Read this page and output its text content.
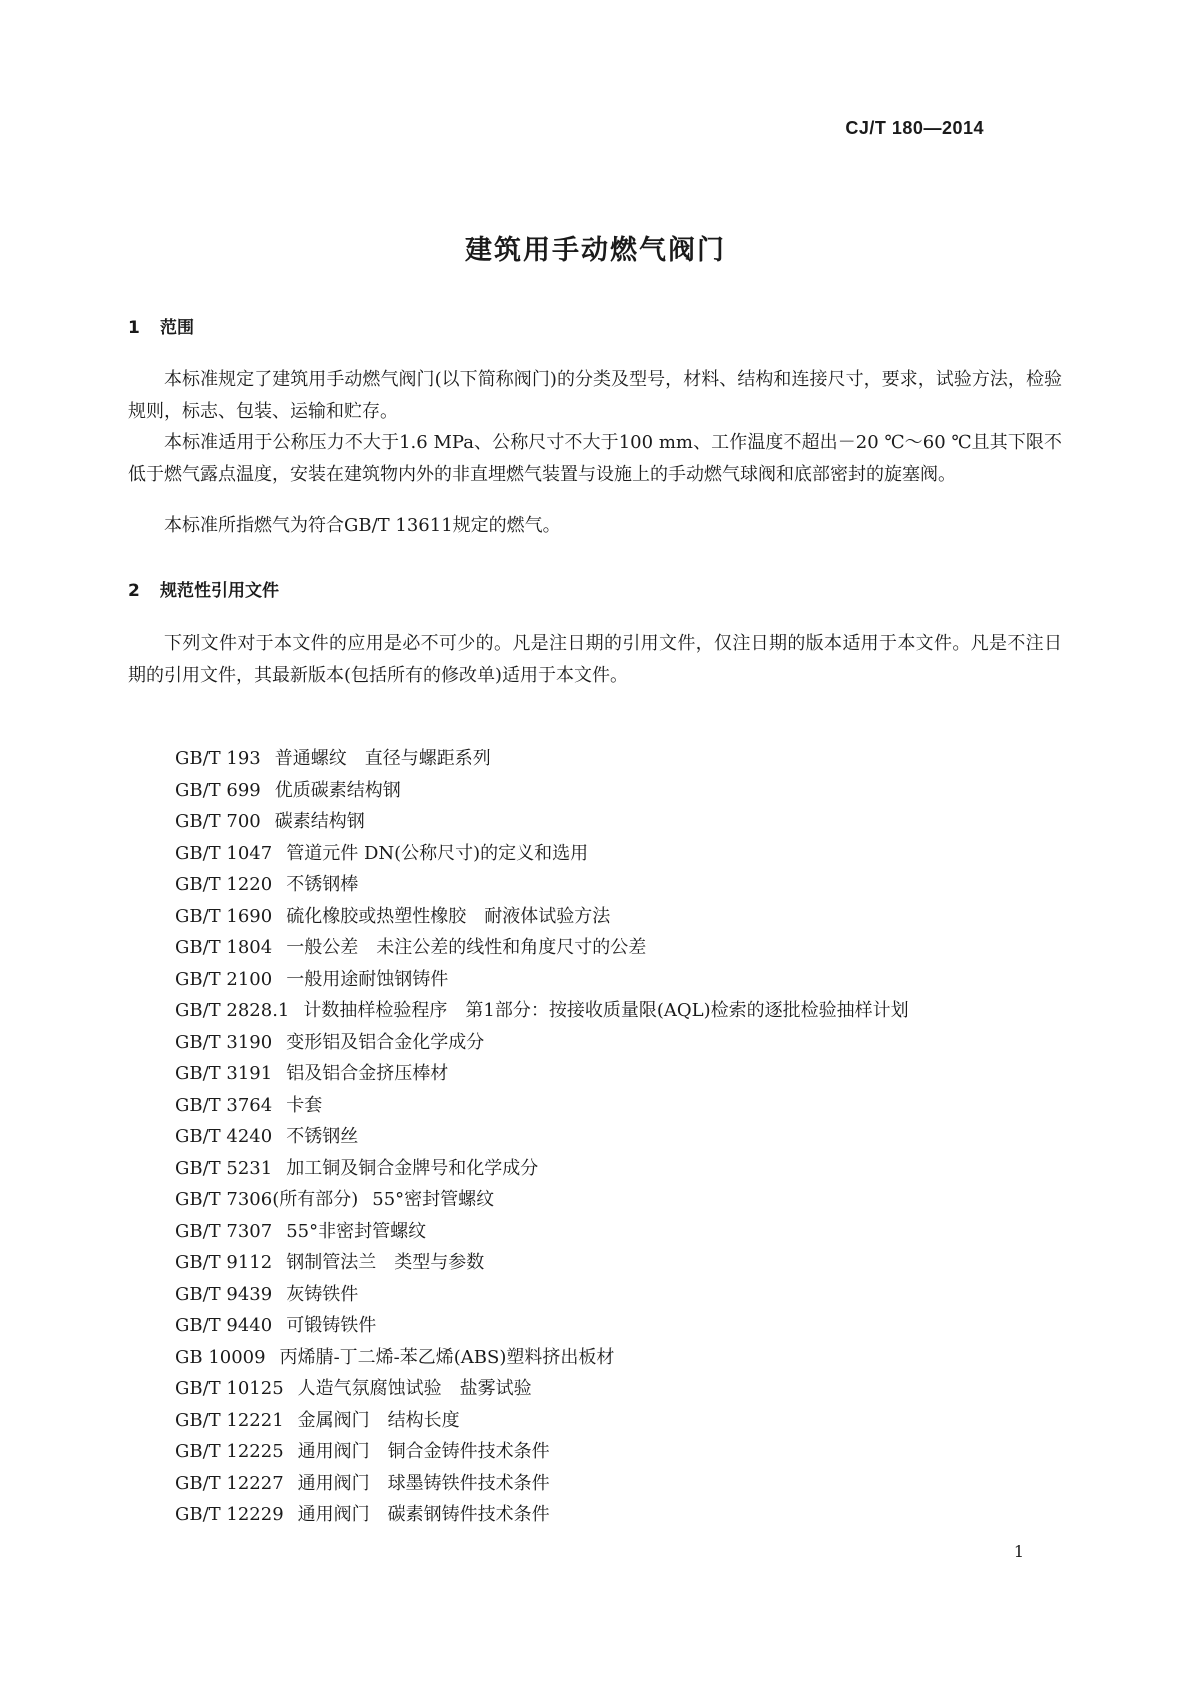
CJ/T 180—2014
建筑用手动燃气阀门
1 范围

本标准规定了建筑用手动燃气阀门(以下简称阀门)的分类及型号，材料、结构和连接尺寸，要求，试验方法，检验规则，标志、包装、运输和贮存。

本标准适用于公称压力不大于1.6 MPa、公称尺寸不大于100 mm、工作温度不超出－20 ℃～60 ℃且其下限不低于燃气露点温度，安装在建筑物内外的非直埋燃气装置与设施上的手动燃气球阀和底部密封的旋塞阀。

本标准所指燃气为符合GB/T 13611规定的燃气。

2 规范性引用文件

下列文件对于本文件的应用是必不可少的。凡是注日期的引用文件，仅注日期的版本适用于本文件。凡是不注日期的引用文件，其最新版本(包括所有的修改单)适用于本文件。

GB/T 193 普通螺纹　直径与螺距系列
GB/T 699 优质碳素结构钢
GB/T 700 碳素结构钢
GB/T 1047 管道元件 DN(公称尺寸)的定义和选用
GB/T 1220 不锈钢棒
GB/T 1690 硫化橡胶或热塑性橡胶　耐液体试验方法
GB/T 1804 一般公差　未注公差的线性和角度尺寸的公差
GB/T 2100 一般用途耐蚀钢铸件
GB/T 2828.1 计数抽样检验程序　第1部分：按接收质量限(AQL)检索的逐批检验抽样计划
GB/T 3190 变形铝及铝合金化学成分
GB/T 3191 铝及铝合金挤压棒材
GB/T 3764 卡套
GB/T 4240 不锈钢丝
GB/T 5231 加工铜及铜合金牌号和化学成分
GB/T 7306(所有部分) 55°密封管螺纹
GB/T 7307 55°非密封管螺纹
GB/T 9112 钢制管法兰　类型与参数
GB/T 9439 灰铸铁件
GB/T 9440 可锻铸铁件
GB 10009 丙烯腈-丁二烯-苯乙烯(ABS)塑料挤出板材
GB/T 10125 人造气氛腐蚀试验　盐雾试验
GB/T 12221 金属阀门　结构长度
GB/T 12225 通用阀门　铜合金铸件技术条件
GB/T 12227 通用阀门　球墨铸铁件技术条件
GB/T 12229 通用阀门　碳素钢铸件技术条件
1
